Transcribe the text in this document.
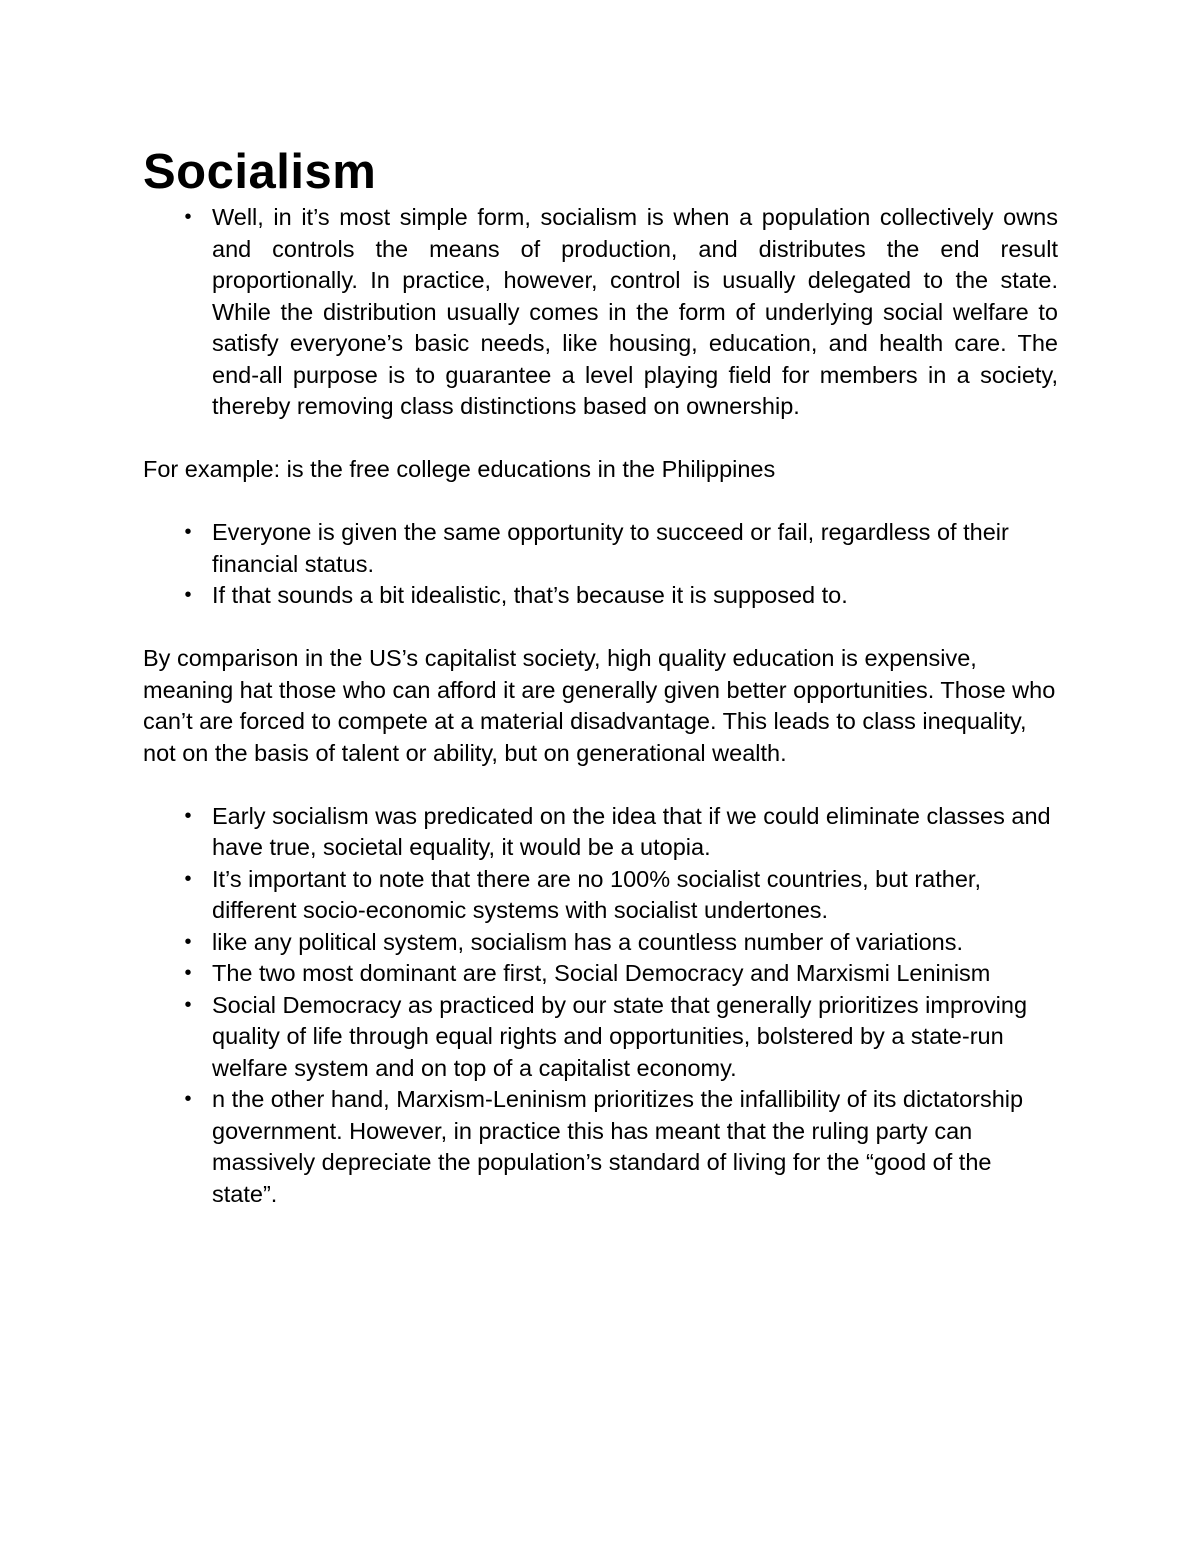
Socialism
• Well, in it’s most simple form, socialism is when a population collectively owns and controls the means of production, and distributes the end result proportionally. In practice, however, control is usually delegated to the state. While the distribution usually comes in the form of underlying social welfare to satisfy everyone’s basic needs, like housing, education, and health care. The end-all purpose is to guarantee a level playing field for members in a society, thereby removing class distinctions based on ownership.

For example: is the free college educations in the Philippines

• Everyone is given the same opportunity to succeed or fail, regardless of their financial status.
• If that sounds a bit idealistic, that’s because it is supposed to.

By comparison in the US’s capitalist society, high quality education is expensive, meaning hat those who can afford it are generally given better opportunities. Those who can’t are forced to compete at a material disadvantage. This leads to class inequality, not on the basis of talent or ability, but on generational wealth.

• Early socialism was predicated on the idea that if we could eliminate classes and have true, societal equality, it would be a utopia.
• It’s important to note that there are no 100% socialist countries, but rather, different socio-economic systems with socialist undertones.
• like any political system, socialism has a countless number of variations.
• The two most dominant are first, Social Democracy and Marxismi Leninism
• Social Democracy as practiced by our state that generally prioritizes improving quality of life through equal rights and opportunities, bolstered by a state-run welfare system and on top of a capitalist economy.
• n the other hand, Marxism-Leninism prioritizes the infallibility of its dictatorship government. However, in practice this has meant that the ruling party can massively depreciate the population’s standard of living for the “good of the state”.
